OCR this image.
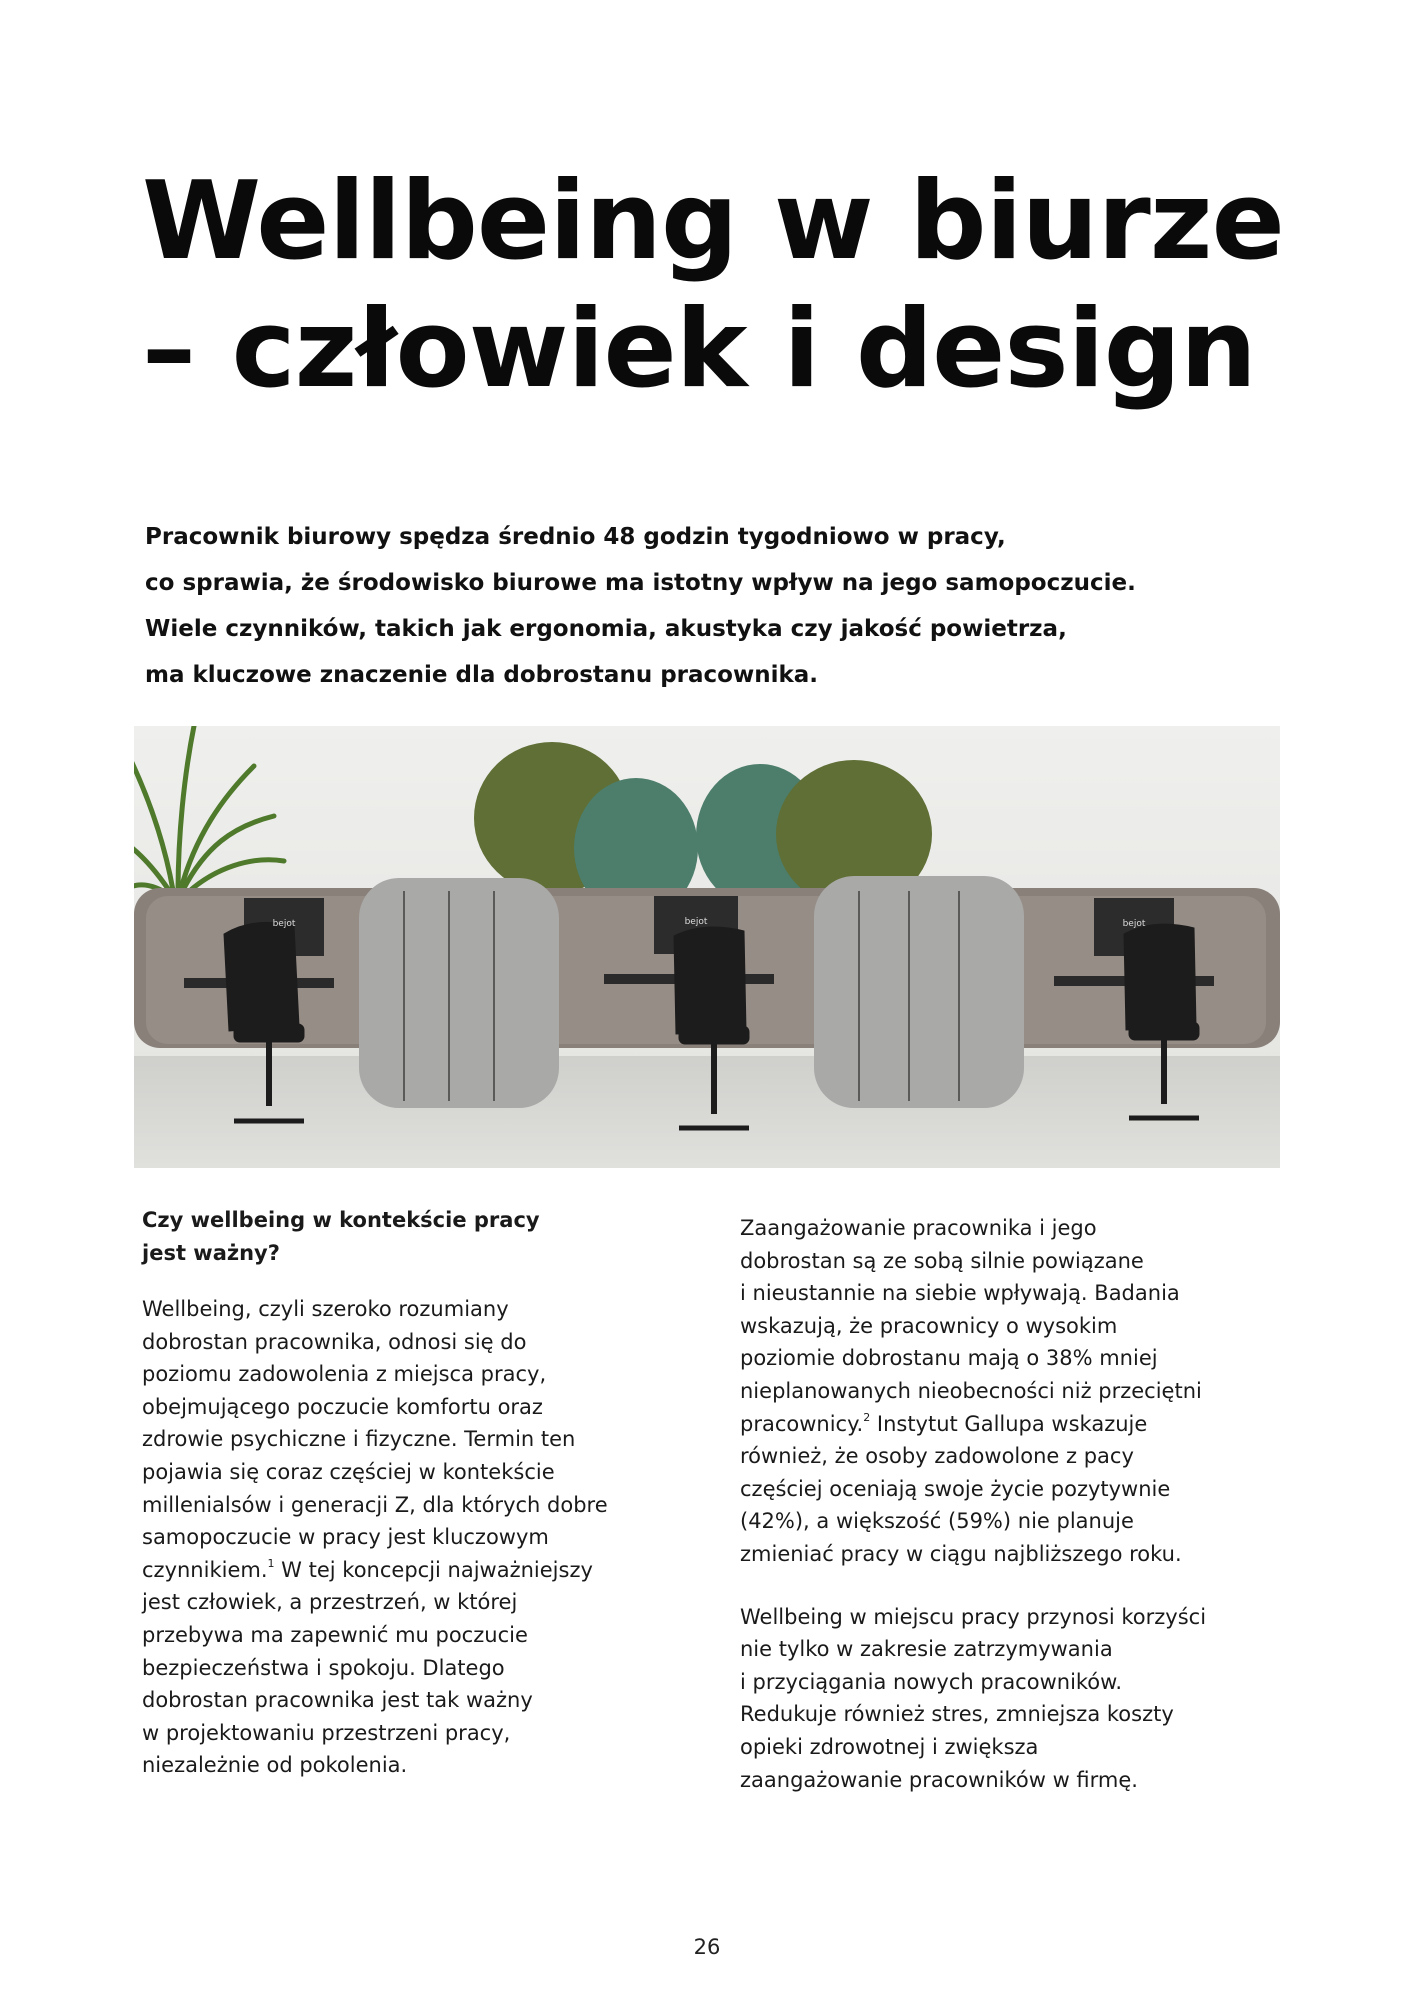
Wellbeing w biurze
– człowiek i design

Pracownik biurowy spędza średnio 48 godzin tygodniowo w pracy,
co sprawia, że środowisko biurowe ma istotny wpływ na jego samopoczucie.
Wiele czynników, takich jak ergonomia, akustyka czy jakość powietrza,
ma kluczowe znaczenie dla dobrostanu pracownika.

bejot	bejot	bejot
Czy wellbeing w kontekście pracy
jest ważny?

Wellbeing, czyli szeroko rozumiany
dobrostan pracownika, odnosi się do
poziomu zadowolenia z miejsca pracy,
obejmującego poczucie komfortu oraz
zdrowie psychiczne i fizyczne. Termin ten
pojawia się coraz częściej w kontekście
millenialsów i generacji Z, dla których dobre
samopoczucie w pracy jest kluczowym
czynnikiem.$^1$ W tej koncepcji najważniejszy
jest człowiek, a przestrzeń, w której
przebywa ma zapewnić mu poczucie
bezpieczeństwa i spokoju. Dlatego
dobrostan pracownika jest tak ważny
w projektowaniu przestrzeni pracy,
niezależnie od pokolenia.

Zaangażowanie pracownika i jego
dobrostan są ze sobą silnie powiązane
i nieustannie na siebie wpływają. Badania
wskazują, że pracownicy o wysokim
poziomie dobrostanu mają o 38% mniej
nieplanowanych nieobecności niż przeciętni
pracownicy.$^2$ Instytut Gallupa wskazuje
również, że osoby zadowolone z pacy
częściej oceniają swoje życie pozytywnie
(42%), a większość (59%) nie planuje
zmieniać pracy w ciągu najbliższego roku.

Wellbeing w miejscu pracy przynosi korzyści
nie tylko w zakresie zatrzymywania
i przyciągania nowych pracowników.
Redukuje również stres, zmniejsza koszty
opieki zdrowotnej i zwiększa
zaangażowanie pracowników w firmę.

26
